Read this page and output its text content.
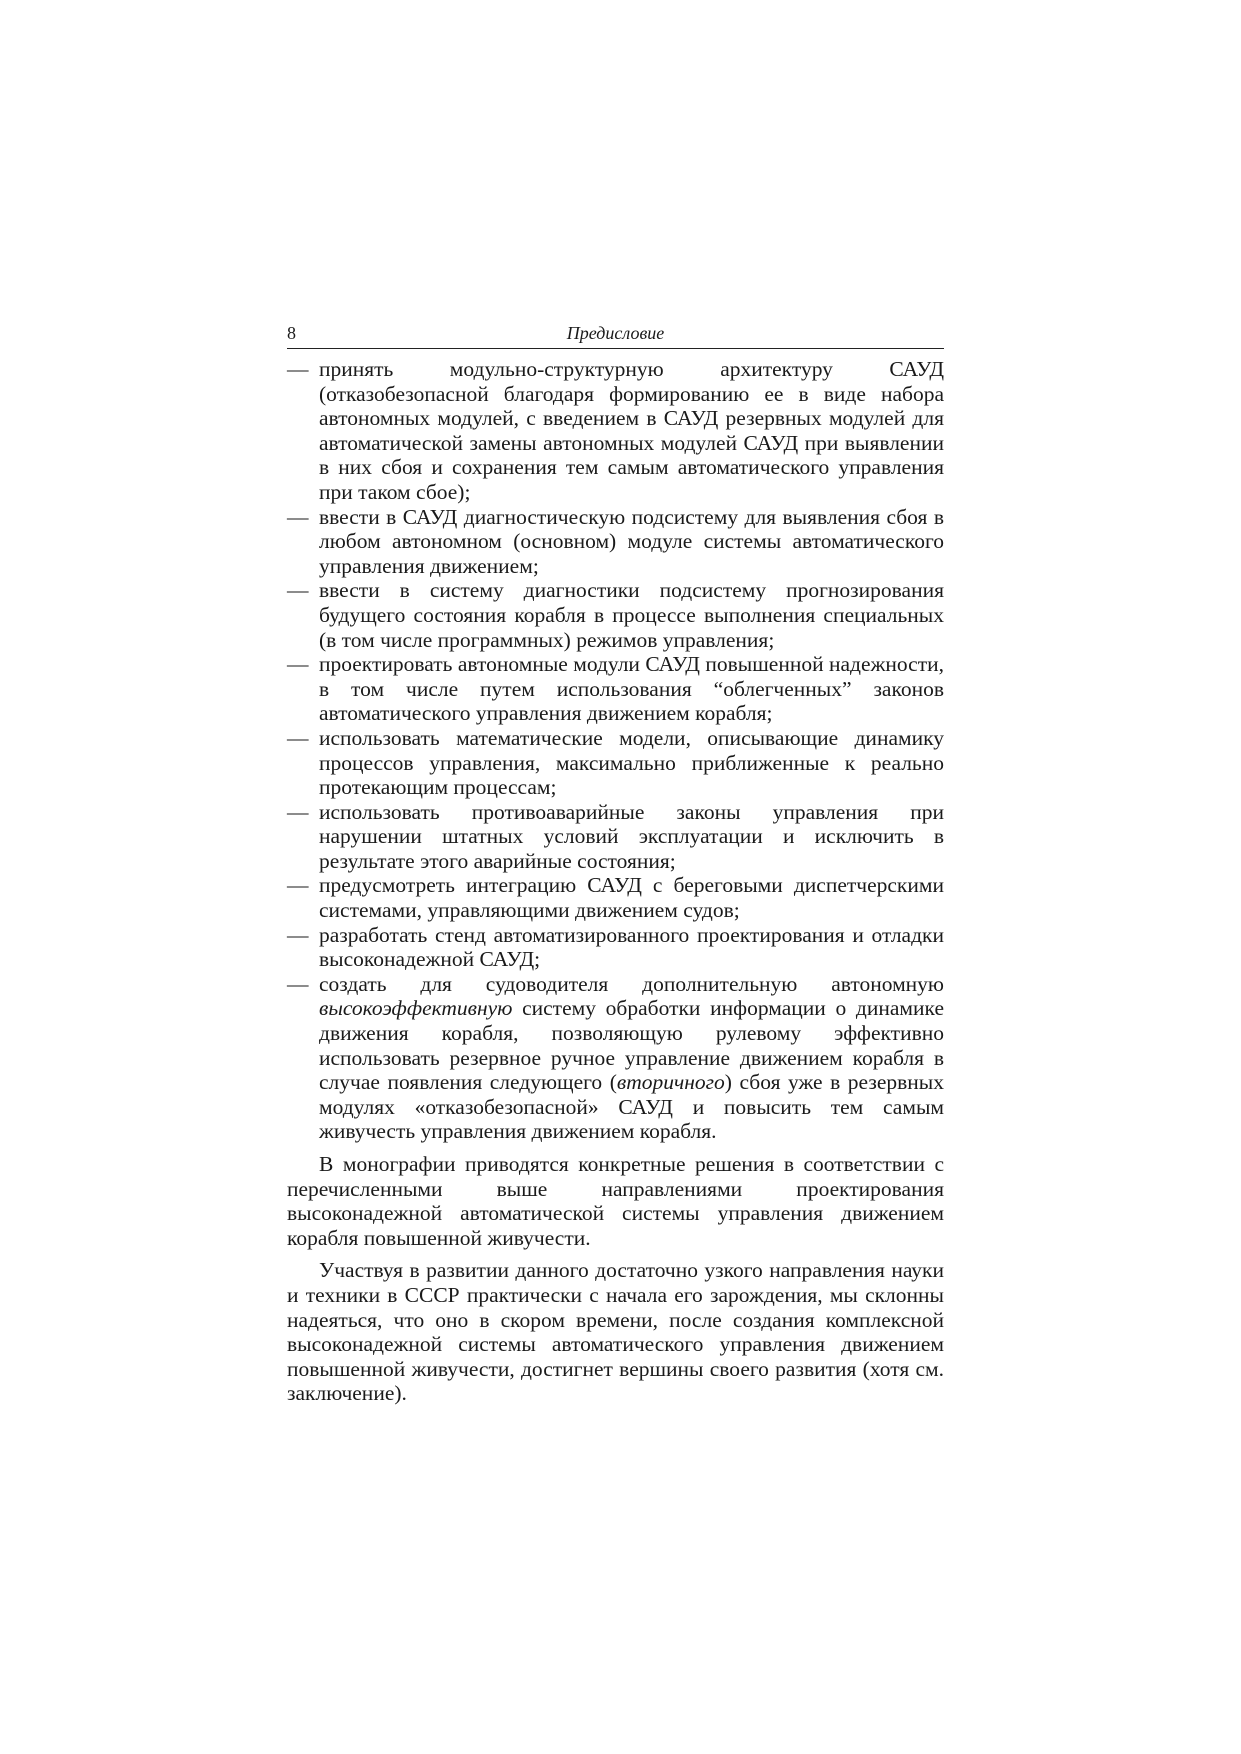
8	Предисловие
— принять модульно-структурную архитектуру САУД (отказобезопасной благодаря формированию ее в виде набора автономных модулей, с введением в САУД резервных модулей для автоматической замены автономных модулей САУД при выявлении в них сбоя и сохранения тем самым автоматического управления при таком сбое);
— ввести в САУД диагностическую подсистему для выявления сбоя в любом автономном (основном) модуле системы автоматического управления движением;
— ввести в систему диагностики подсистему прогнозирования будущего состояния корабля в процессе выполнения специальных (в том числе программных) режимов управления;
— проектировать автономные модули САУД повышенной надежности, в том числе путем использования “облегченных” законов автоматического управления движением корабля;
— использовать математические модели, описывающие динамику процессов управления, максимально приближенные к реально протекающим процессам;
— использовать противоаварийные законы управления при нарушении штатных условий эксплуатации и исключить в результате этого аварийные состояния;
— предусмотреть интеграцию САУД с береговыми диспетчерскими системами, управляющими движением судов;
— разработать стенд автоматизированного проектирования и отладки высоконадежной САУД;
— создать для судоводителя дополнительную автономную высокоэффективную систему обработки информации о динамике движения корабля, позволяющую рулевому эффективно использовать резервное ручное управление движением корабля в случае появления следующего (вторичного) сбоя уже в резервных модулях «отказобезопасной» САУД и повысить тем самым живучесть управления движением корабля.

В монографии приводятся конкретные решения в соответствии с перечисленными выше направлениями проектирования высоконадежной автоматической системы управления движением корабля повышенной живучести.

Участвуя в развитии данного достаточно узкого направления науки и техники в СССР практически с начала его зарождения, мы склонны надеяться, что оно в скором времени, после создания комплексной высоконадежной системы автоматического управления движением повышенной живучести, достигнет вершины своего развития (хотя см. заключение).
